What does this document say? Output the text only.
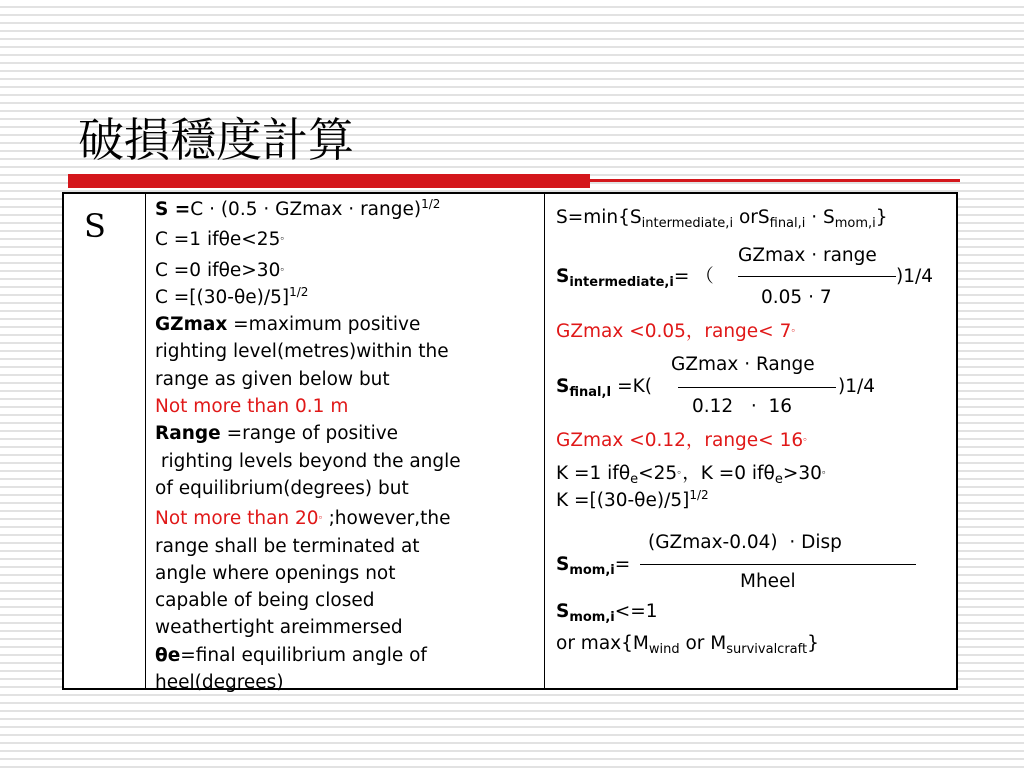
破損穩度計算
S	S =C · (0.5 · GZmax · range)$^{1/2}$
C =1 ifθe<25。
C =0 ifθe>30。
$C =[(30-\theta e)/5]^{1/2}$
GZmax =maximum positive
righting level(metres)within the
range as given below but
Not more than 0.1 m
Range =range of positive
righting levels beyond the angle
of equilibrium(degrees) but
Not more than 20。;however,the
range shall be terminated at
angle where openings not
capable of being closed
weathertight areimmersed
θe=final equilibrium angle of
heel(degrees)
$S=\min\{S_{intermediate,i}$ $orS_{final,i} \cdot S_{mom,i}$}
GZmax · range
$S_{intermediate,i}=$ （	)1/4
0.05 · 7
GZmax <0.05，range< 7。
GZmax · Range
$S_{final,I} =K$(	)1/4
0.12   ·  16
GZmax <0.12，range< 16。
K =1 ifθ$_e$<25。，K =0 ifθ$_e$>30。
$K =[(30-\theta e)/5]^{1/2}$
(GZmax-0.04)  · Disp
$S_{mom,i}=$
Mheel
$S_{mom,i}<=1$
or $\max\{M_{wind}$ or $M_{survivalcraft}$}
